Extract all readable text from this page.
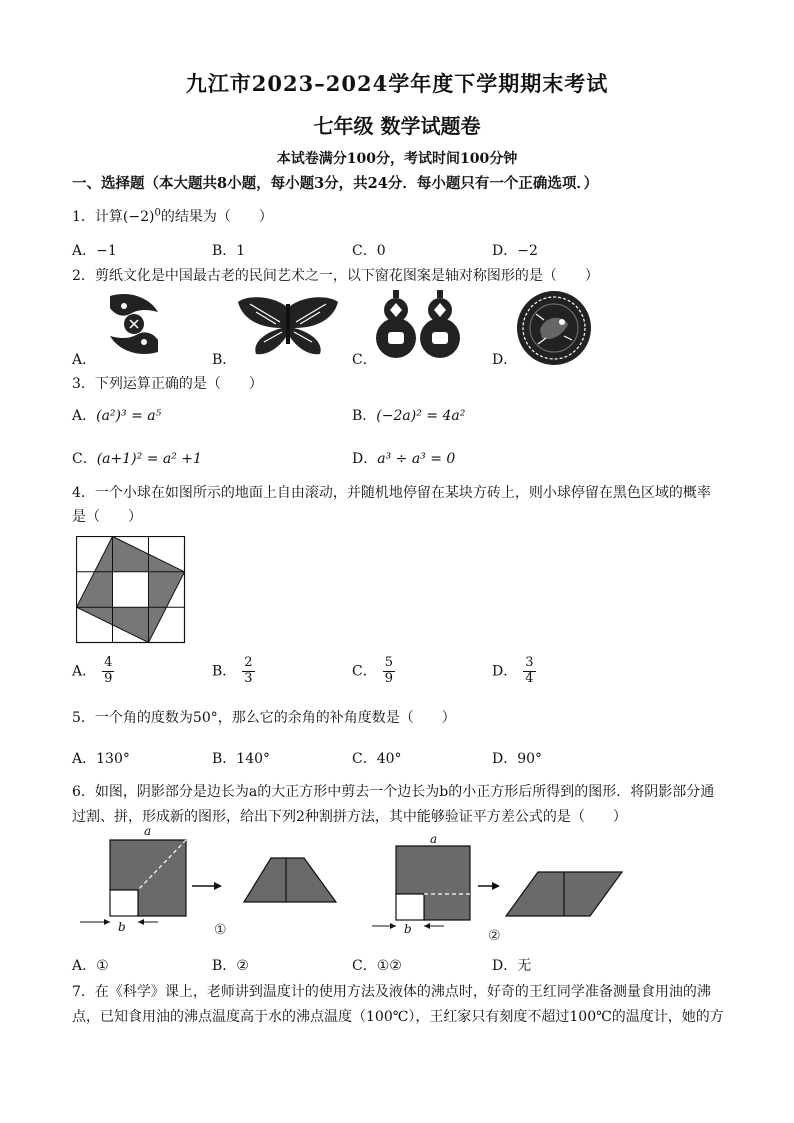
九江市2023–2024学年度下学期期末考试
七年级 数学试题卷
本试卷满分100分，考试时间100分钟
一、选择题（本大题共8小题，每小题3分，共24分．每小题只有一个正确选项．）
1．计算$(-2)^0$的结果为（　　）
A．−1	B．1	C．0	D．−2
2．剪纸文化是中国最古老的民间艺术之一，以下窗花图案是轴对称图形的是（　　）
A．	B．	C．	D．
3．下列运算正确的是（　　）
A．(a²)³ = a⁵	B．(−2a)² = 4a²
C．(a+1)² = a² +1	D．a³ ÷ a³ = 0
4．一个小球在如图所示的地面上自由滚动，并随机地停留在某块方砖上，则小球停留在黑色区域的概率
是（　　）
A． $\frac{4}{9}$	B． $\frac{2}{3}$	C． $\frac{5}{9}$	D． $\frac{3}{4}$
5．一个角的度数为50°，那么它的余角的补角度数是（　　）
A．130°	B．140°	C．40°	D．90°
6．如图，阴影部分是边长为a的大正方形中剪去一个边长为b的小正方形后所得到的图形．将阴影部分通
过割、拼，形成新的图形，给出下列2种割拼方法，其中能够验证平方差公式的是（　　）
a
b	①
a
b	②
A．①	B．②	C．①②	D．无
7．在《科学》课上，老师讲到温度计的使用方法及液体的沸点时，好奇的王红同学准备测量食用油的沸
点，已知食用油的沸点温度高于水的沸点温度（100℃），王红家只有刻度不超过100℃的温度计，她的方
